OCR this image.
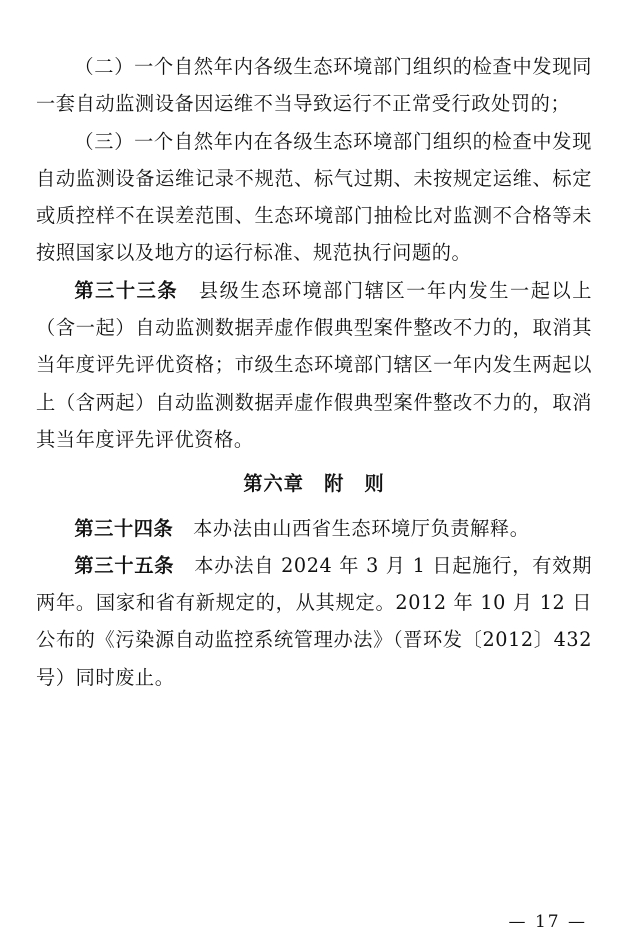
（二）一个自然年内各级生态环境部门组织的检查中发现同一套自动监测设备因运维不当导致运行不正常受行政处罚的；

（三）一个自然年内在各级生态环境部门组织的检查中发现自动监测设备运维记录不规范、标气过期、未按规定运维、标定或质控样不在误差范围、生态环境部门抽检比对监测不合格等未按照国家以及地方的运行标准、规范执行问题的。

第三十三条　 县级生态环境部门辖区一年内发生一起以上（含一起）自动监测数据弄虚作假典型案件整改不力的，取消其当年度评先评优资格；市级生态环境部门辖区一年内发生两起以上（含两起）自动监测数据弄虚作假典型案件整改不力的，取消其当年度评先评优资格。

第六章　附　则

第三十四条　 本办法由山西省生态环境厅负责解释。

第三十五条　 本办法自 2024 年 3 月 1 日起施行，有效期两年。国家和省有新规定的，从其规定。2012 年 10 月 12 日公布的《污染源自动监控系统管理办法》（晋环发〔2012〕432 号）同时废止。

— 17 —
